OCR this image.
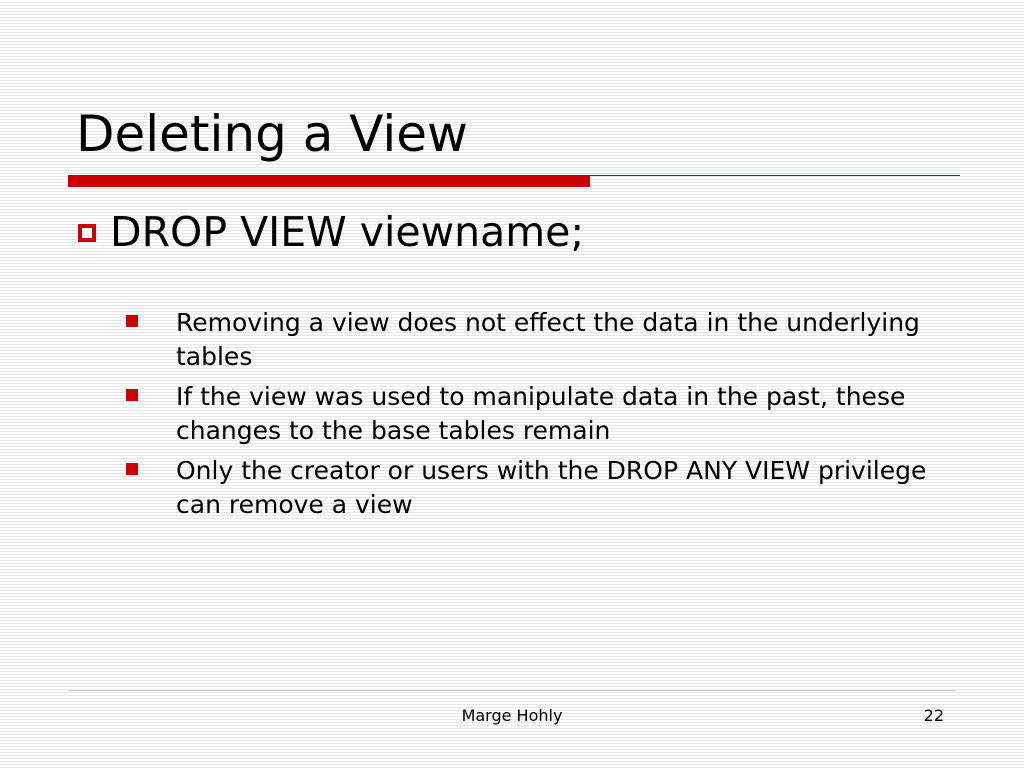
Deleting a View
DROP VIEW viewname;
Removing a view does not effect the data in the underlying tables
If the view was used to manipulate data in the past, these changes to the base tables remain
Only the creator or users with the DROP ANY VIEW privilege can remove a view
Marge Hohly	22
